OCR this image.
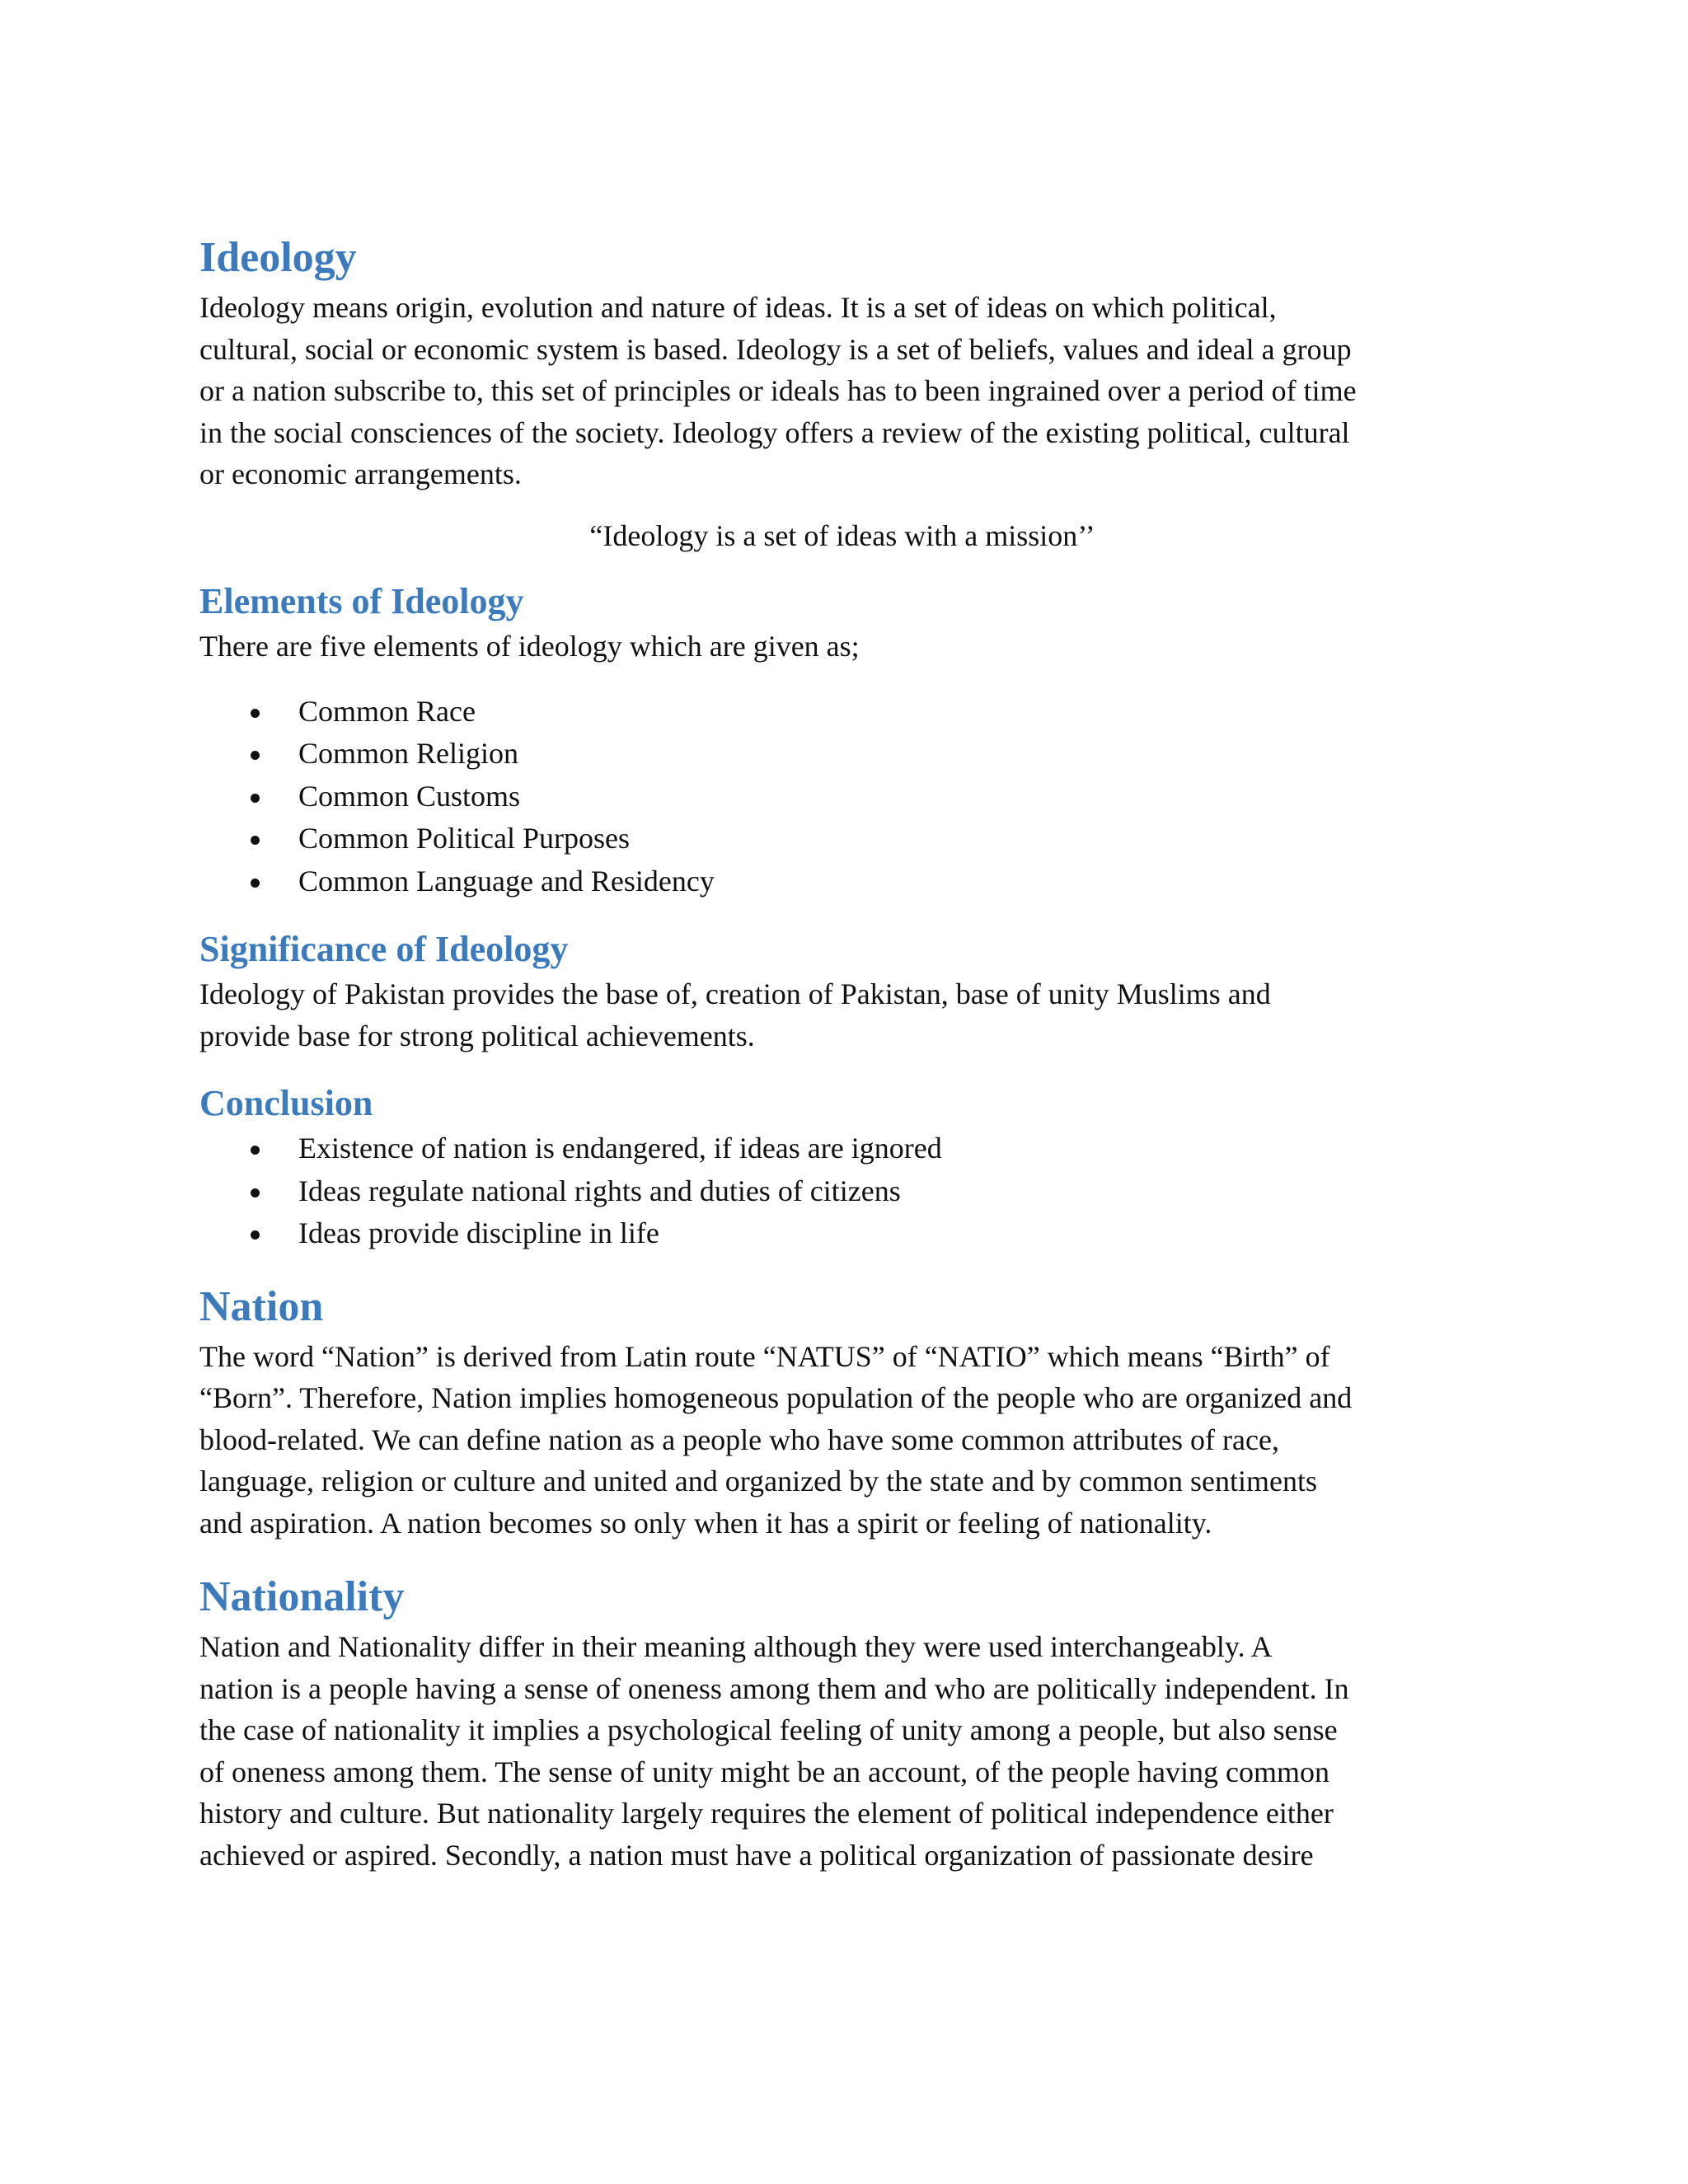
Ideology

Ideology means origin, evolution and nature of ideas. It is a set of ideas on which political,
cultural, social or economic system is based. Ideology is a set of beliefs, values and ideal a group
or a nation subscribe to, this set of principles or ideals has to been ingrained over a period of time
in the social consciences of the society. Ideology offers a review of the existing political, cultural
or economic arrangements.

“Ideology is a set of ideas with a mission’’

Elements of Ideology

There are five elements of ideology which are given as;

Common Race
Common Religion
Common Customs
Common Political Purposes
Common Language and Residency
Significance of Ideology

Ideology of Pakistan provides the base of, creation of Pakistan, base of unity Muslims and
provide base for strong political achievements.

Conclusion
Existence of nation is endangered, if ideas are ignored
Ideas regulate national rights and duties of citizens
Ideas provide discipline in life
Nation

The word “Nation” is derived from Latin route “NATUS” of “NATIO” which means “Birth” of
“Born”. Therefore, Nation implies homogeneous population of the people who are organized and
blood-related. We can define nation as a people who have some common attributes of race,
language, religion or culture and united and organized by the state and by common sentiments
and aspiration. A nation becomes so only when it has a spirit or feeling of nationality.

Nationality

Nation and Nationality differ in their meaning although they were used interchangeably. A
nation is a people having a sense of oneness among them and who are politically independent. In
the case of nationality it implies a psychological feeling of unity among a people, but also sense
of oneness among them. The sense of unity might be an account, of the people having common
history and culture. But nationality largely requires the element of political independence either
achieved or aspired. Secondly, a nation must have a political organization of passionate desire
